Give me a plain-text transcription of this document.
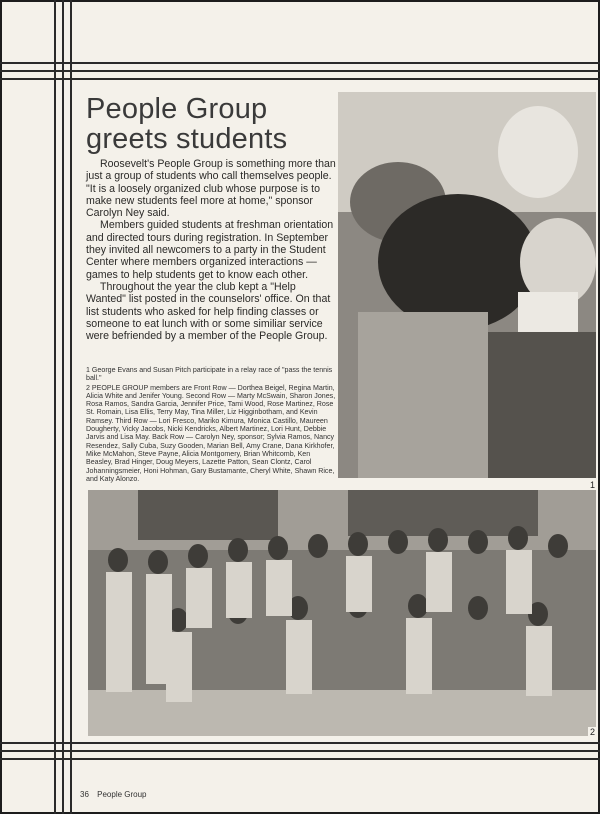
People Group
greets students

Roosevelt's People Group is something more than just a group of students who call themselves people. "It is a loosely organized club whose purpose is to make new students feel more at home," sponsor Carolyn Ney said.

Members guided students at freshman orientation and directed tours during registration. In September they invited all newcomers to a party in the Student Center where members organized interactions — games to help students get to know each other.

Throughout the year the club kept a "Help Wanted" list posted in the counselors' office. On that list students who asked for help finding classes or someone to eat lunch with or some similiar service were befriended by a member of the People Group.

1 George Evans and Susan Pitch participate in a relay race of "pass the tennis ball."

2 PEOPLE GROUP members are Front Row — Dorthea Beigel, Regina Martin, Alicia White and Jenifer Young. Second Row — Marty McSwain, Sharon Jones, Rosa Ramos, Sandra Garcia, Jennifer Price, Tami Wood, Rose Martinez, Rose St. Romain, Lisa Ellis, Terry May, Tina Miller, Liz Higginbotham, and Kevin Ramsey. Third Row — Lori Fresco, Mariko Kimura, Monica Castillo, Maureen Dougherty, Vicky Jacobs, Nicki Kendricks, Albert Martinez, Lori Hunt, Debbie Jarvis and Lisa May. Back Row — Carolyn Ney, sponsor; Sylvia Ramos, Nancy Resendez, Sally Cuba, Suzy Gooden, Marian Bell, Amy Crane, Dana Kirkhofer, Mike McMahon, Steve Payne, Alicia Montgomery, Brian Whitcomb, Ken Beasley, Brad Hinger, Doug Meyers, Lazette Patton, Sean Clontz, Carol Johanningsmeier, Honi Hohman, Gary Bustamante, Cheryl White, Shawn Rice, and Katy Alonzo.

1
2
36 People Group
